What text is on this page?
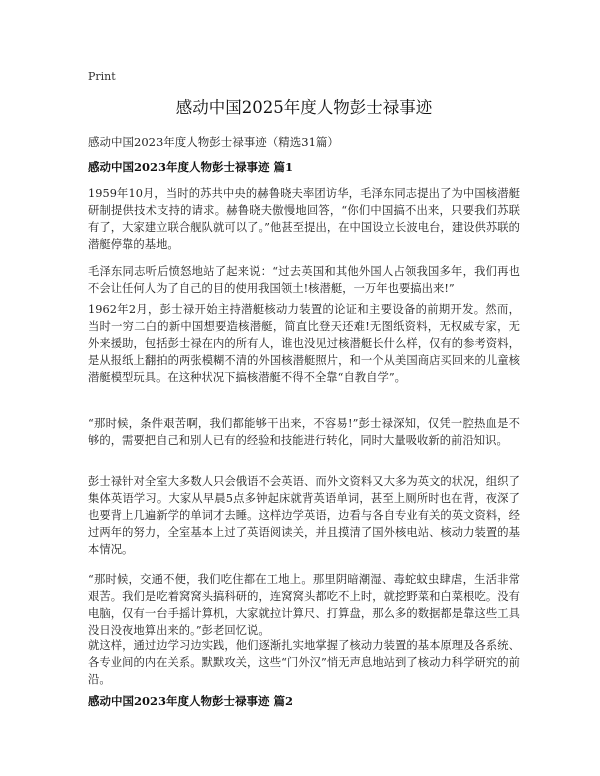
Print
感动中国2025年度人物彭士禄事迹

感动中国2023年度人物彭士禄事迹（精选31篇）

感动中国2023年度人物彭士禄事迹 篇1

1959年10月，当时的苏共中央的赫鲁晓夫率团访华，毛泽东同志提出了为中国核潜艇研制提供技术支持的请求。赫鲁晓夫傲慢地回答，“你们中国搞不出来，只要我们苏联有了，大家建立联合舰队就可以了。”他甚至提出，在中国设立长波电台，建设供苏联的潜艇停靠的基地。

毛泽东同志听后愤怒地站了起来说：“过去英国和其他外国人占领我国多年，我们再也不会让任何人为了自己的目的使用我国领土!核潜艇，一万年也要搞出来!”

1962年2月，彭士禄开始主持潜艇核动力装置的论证和主要设备的前期开发。然而，当时一穷二白的新中国想要造核潜艇，简直比登天还难!无图纸资料，无权威专家，无外来援助，包括彭士禄在内的所有人，谁也没见过核潜艇长什么样，仅有的参考资料，是从报纸上翻拍的两张模糊不清的外国核潜艇照片，和一个从美国商店买回来的儿童核潜艇模型玩具。在这种状况下搞核潜艇不得不全靠“自教自学”。

“那时候，条件艰苦啊，我们都能够干出来，不容易!”彭士禄深知，仅凭一腔热血是不够的，需要把自己和别人已有的经验和技能进行转化，同时大量吸收新的前沿知识。

彭士禄针对全室大多数人只会俄语不会英语、而外文资料又大多为英文的状况，组织了集体英语学习。大家从早晨5点多钟起床就背英语单词，甚至上厕所时也在背，夜深了也要背上几遍新学的单词才去睡。这样边学英语，边看与各自专业有关的英文资料，经过两年的努力，全室基本上过了英语阅读关，并且摸清了国外核电站、核动力装置的基本情况。

“那时候，交通不便，我们吃住都在工地上。那里阴暗潮湿、毒蛇蚊虫肆虐，生活非常艰苦。我们是吃着窝窝头搞科研的，连窝窝头都吃不上时，就挖野菜和白菜根吃。没有电脑，仅有一台手摇计算机，大家就拉计算尺、打算盘，那么多的数据都是靠这些工具没日没夜地算出来的。”彭老回忆说。

就这样，通过边学习边实践，他们逐渐扎实地掌握了核动力装置的基本原理及各系统、各专业间的内在关系。默默攻关，这些“门外汉”悄无声息地站到了核动力科学研究的前沿。

感动中国2023年度人物彭士禄事迹 篇2
